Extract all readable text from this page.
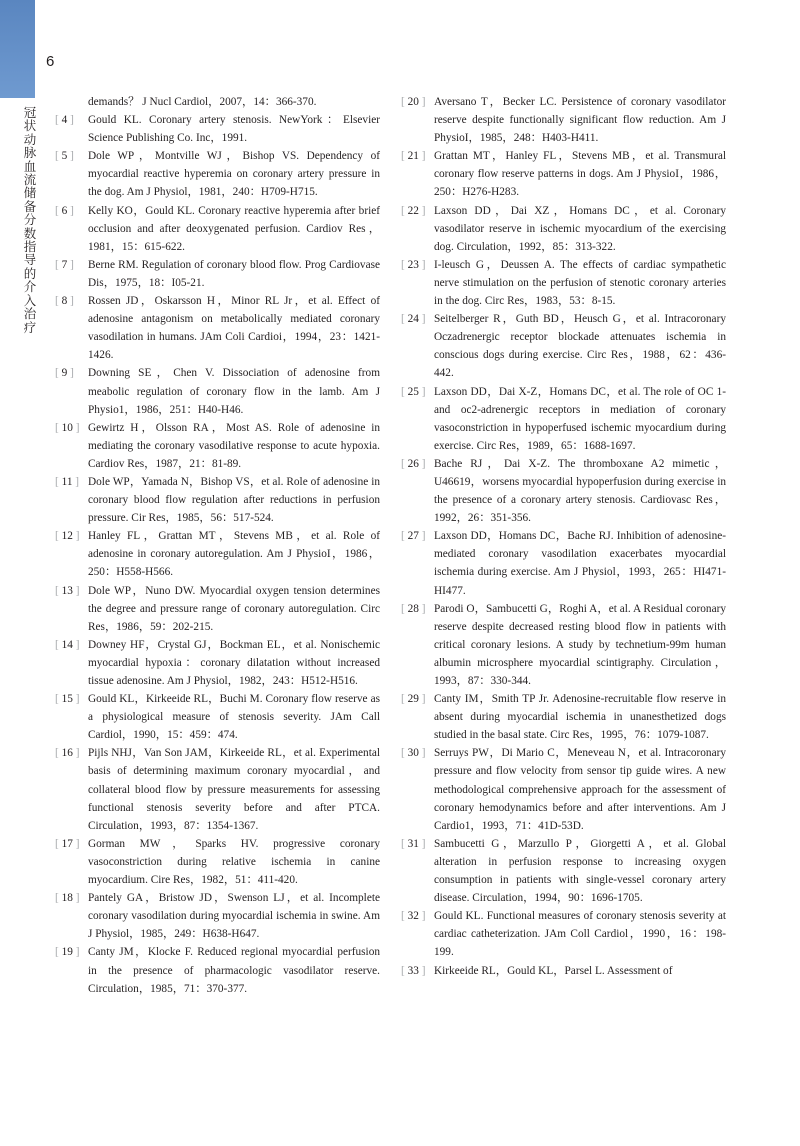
6
冠状动脉血流储备分数指导的介入治疗

demands？ J Nucl Cardiol，2007，14：366-370.

[ 4 ] Gould KL. Coronary artery stenosis. NewYork：Elsevier Science Publishing Co. Inc，1991.

[ 5 ] Dole WP，Montville WJ，Bishop VS. Dependency of myocardial reactive hyperemia on coronary artery pressure in the dog. Am J Physiol，1981，240：H709-H715.

[ 6 ] Kelly KO，Gould KL. Coronary reactive hyperemia after brief occlusion and after deoxygenated perfusion. Cardiov Res，1981，15：615-622.

[ 7 ] Berne RM. Regulation of coronary blood flow. Prog Cardiovase Dis，1975，18：I05-21.

[ 8 ] Rossen JD，Oskarsson H，Minor RL Jr，et al. Effect of adenosine antagonism on metabolically mediated coronary vasodilation in humans. JAm Coli Cardioi，1994，23：1421-1426.

[ 9 ] Downing SE，Chen V. Dissociation of adenosine from meabolic regulation of coronary flow in the lamb. Am J Physio1，1986，251：H40-H46.

[ 10 ] Gewirtz H，Olsson RA，Most AS. Role of adenosine in mediating the coronary vasodilative response to acute hypoxia. Cardiov Res，1987，21：81-89.

[ 11 ] Dole WP，Yamada N，Bishop VS，et al. Role of adenosine in coronary blood flow regulation after reductions in perfusion pressure. Cir Res，1985，56：517-524.

[ 12 ] Hanley FL，Grattan MT，Stevens MB，et al. Role of adenosine in coronary autoregulation. Am J PhysioI，1986，250：H558-H566.

[ 13 ] Dole WP，Nuno DW. Myocardial oxygen tension determines the degree and pressure range of coronary autoregulation. Circ Res，1986，59：202-215.

[ 14 ] Downey HF，Crystal GJ，Bockman EL，et al. Nonischemic myocardial hypoxia：coronary dilatation without increased tissue adenosine. Am J Physiol，1982，243：H512-H516.

[ 15 ] Gould KL，Kirkeeide RL，Buchi M. Coronary flow reserve as a physiological measure of stenosis severity. JAm Call Cardiol，1990，15：459：474.

[ 16 ] Pijls NHJ，Van Son JAM，Kirkeeide RL，et al. Experimental basis of determining maximum coronary myocardial，and collateral blood flow by pressure measurements for assessing functional stenosis severity before and after PTCA. Circulation，1993，87：1354-1367.

[ 17 ] Gorman MW，Sparks HV. progressive coronary vasoconstriction during relative ischemia in canine myocardium. Cire Res，1982，51：411-420.

[ 18 ] Pantely GA，Bristow JD，Swenson LJ，et al. Incomplete coronary vasodilation during myocardial ischemia in swine. Am J Physiol，1985，249：H638-H647.

[ 19 ] Canty JM，Klocke F. Reduced regional myocardial perfusion in the presence of pharmacologic vasodilator reserve. Circulation，1985，71：370-377.

[ 20 ] Aversano T，Becker LC. Persistence of coronary vasodilator reserve despite functionally significant flow reduction. Am J PhysioI，1985，248：H403-H411.

[ 21 ] Grattan MT，Hanley FL，Stevens MB，et al. Transmural coronary flow reserve patterns in dogs. Am J PhysioI，1986，250：H276-H283.

[ 22 ] Laxson DD，Dai XZ，Homans DC，et al. Coronary vasodilator reserve in ischemic myocardium of the exercising dog. Circulation，1992，85：313-322.

[ 23 ] I-leusch G，Deussen A. The effects of cardiac sympathetic nerve stimulation on the perfusion of stenotic coronary arteries in the dog. Circ Res，1983，53：8-15.

[ 24 ] Seitelberger R，Guth BD，Heusch G，et al. Intracoronary Oczadrenergic receptor blockade attenuates ischemia in conscious dogs during exercise. Circ Res，1988，62：436-442.

[ 25 ] Laxson DD，Dai X-Z，Homans DC，et al. The role of OC 1- and oc2-adrenergic receptors in mediation of coronary vasoconstriction in hypoperfused ischemic myocardium during exercise. Circ Res，1989，65：1688-1697.

[ 26 ] Bache RJ，Dai X-Z. The thromboxane A2 mimetic，U46619，worsens myocardial hypoperfusion during exercise in the presence of a coronary artery stenosis. Cardiovasc Res，1992，26：351-356.

[ 27 ] Laxson DD，Homans DC，Bache RJ. Inhibition of adenosine-mediated coronary vasodilation exacerbates myocardial ischemia during exercise. Am J Physiol，1993，265：HI471-HI477.

[ 28 ] Parodi O，Sambucetti G，Roghi A，et al. A Residual coronary reserve despite decreased resting blood flow in patients with critical coronary lesions. A study by technetium-99m human albumin microsphere myocardial scintigraphy. Circulation，1993，87：330-344.

[ 29 ] Canty IM，Smith TP Jr. Adenosine-recruitable flow reserve in absent during myocardial ischemia in unanesthetized dogs studied in the basal state. Circ Res，1995，76：1079-1087.

[ 30 ] Serruys PW，Di Mario C，Meneveau N，et al. Intracoronary pressure and flow velocity from sensor tip guide wires. A new methodological comprehensive approach for the assessment of coronary hemodynamics before and after interventions. Am J Cardio1，1993，71：41D-53D.

[ 31 ] Sambucetti G，Marzullo P，Giorgetti A，et al. Global alteration in perfusion response to increasing oxygen consumption in patients with single-vessel coronary artery disease. Circulation，1994，90：1696-1705.

[ 32 ] Gould KL. Functional measures of coronary stenosis severity at cardiac catheterization. JAm Coll Cardiol，1990，16：198-199.

[ 33 ] Kirkeeide RL，Gould KL，Parsel L. Assessment of
